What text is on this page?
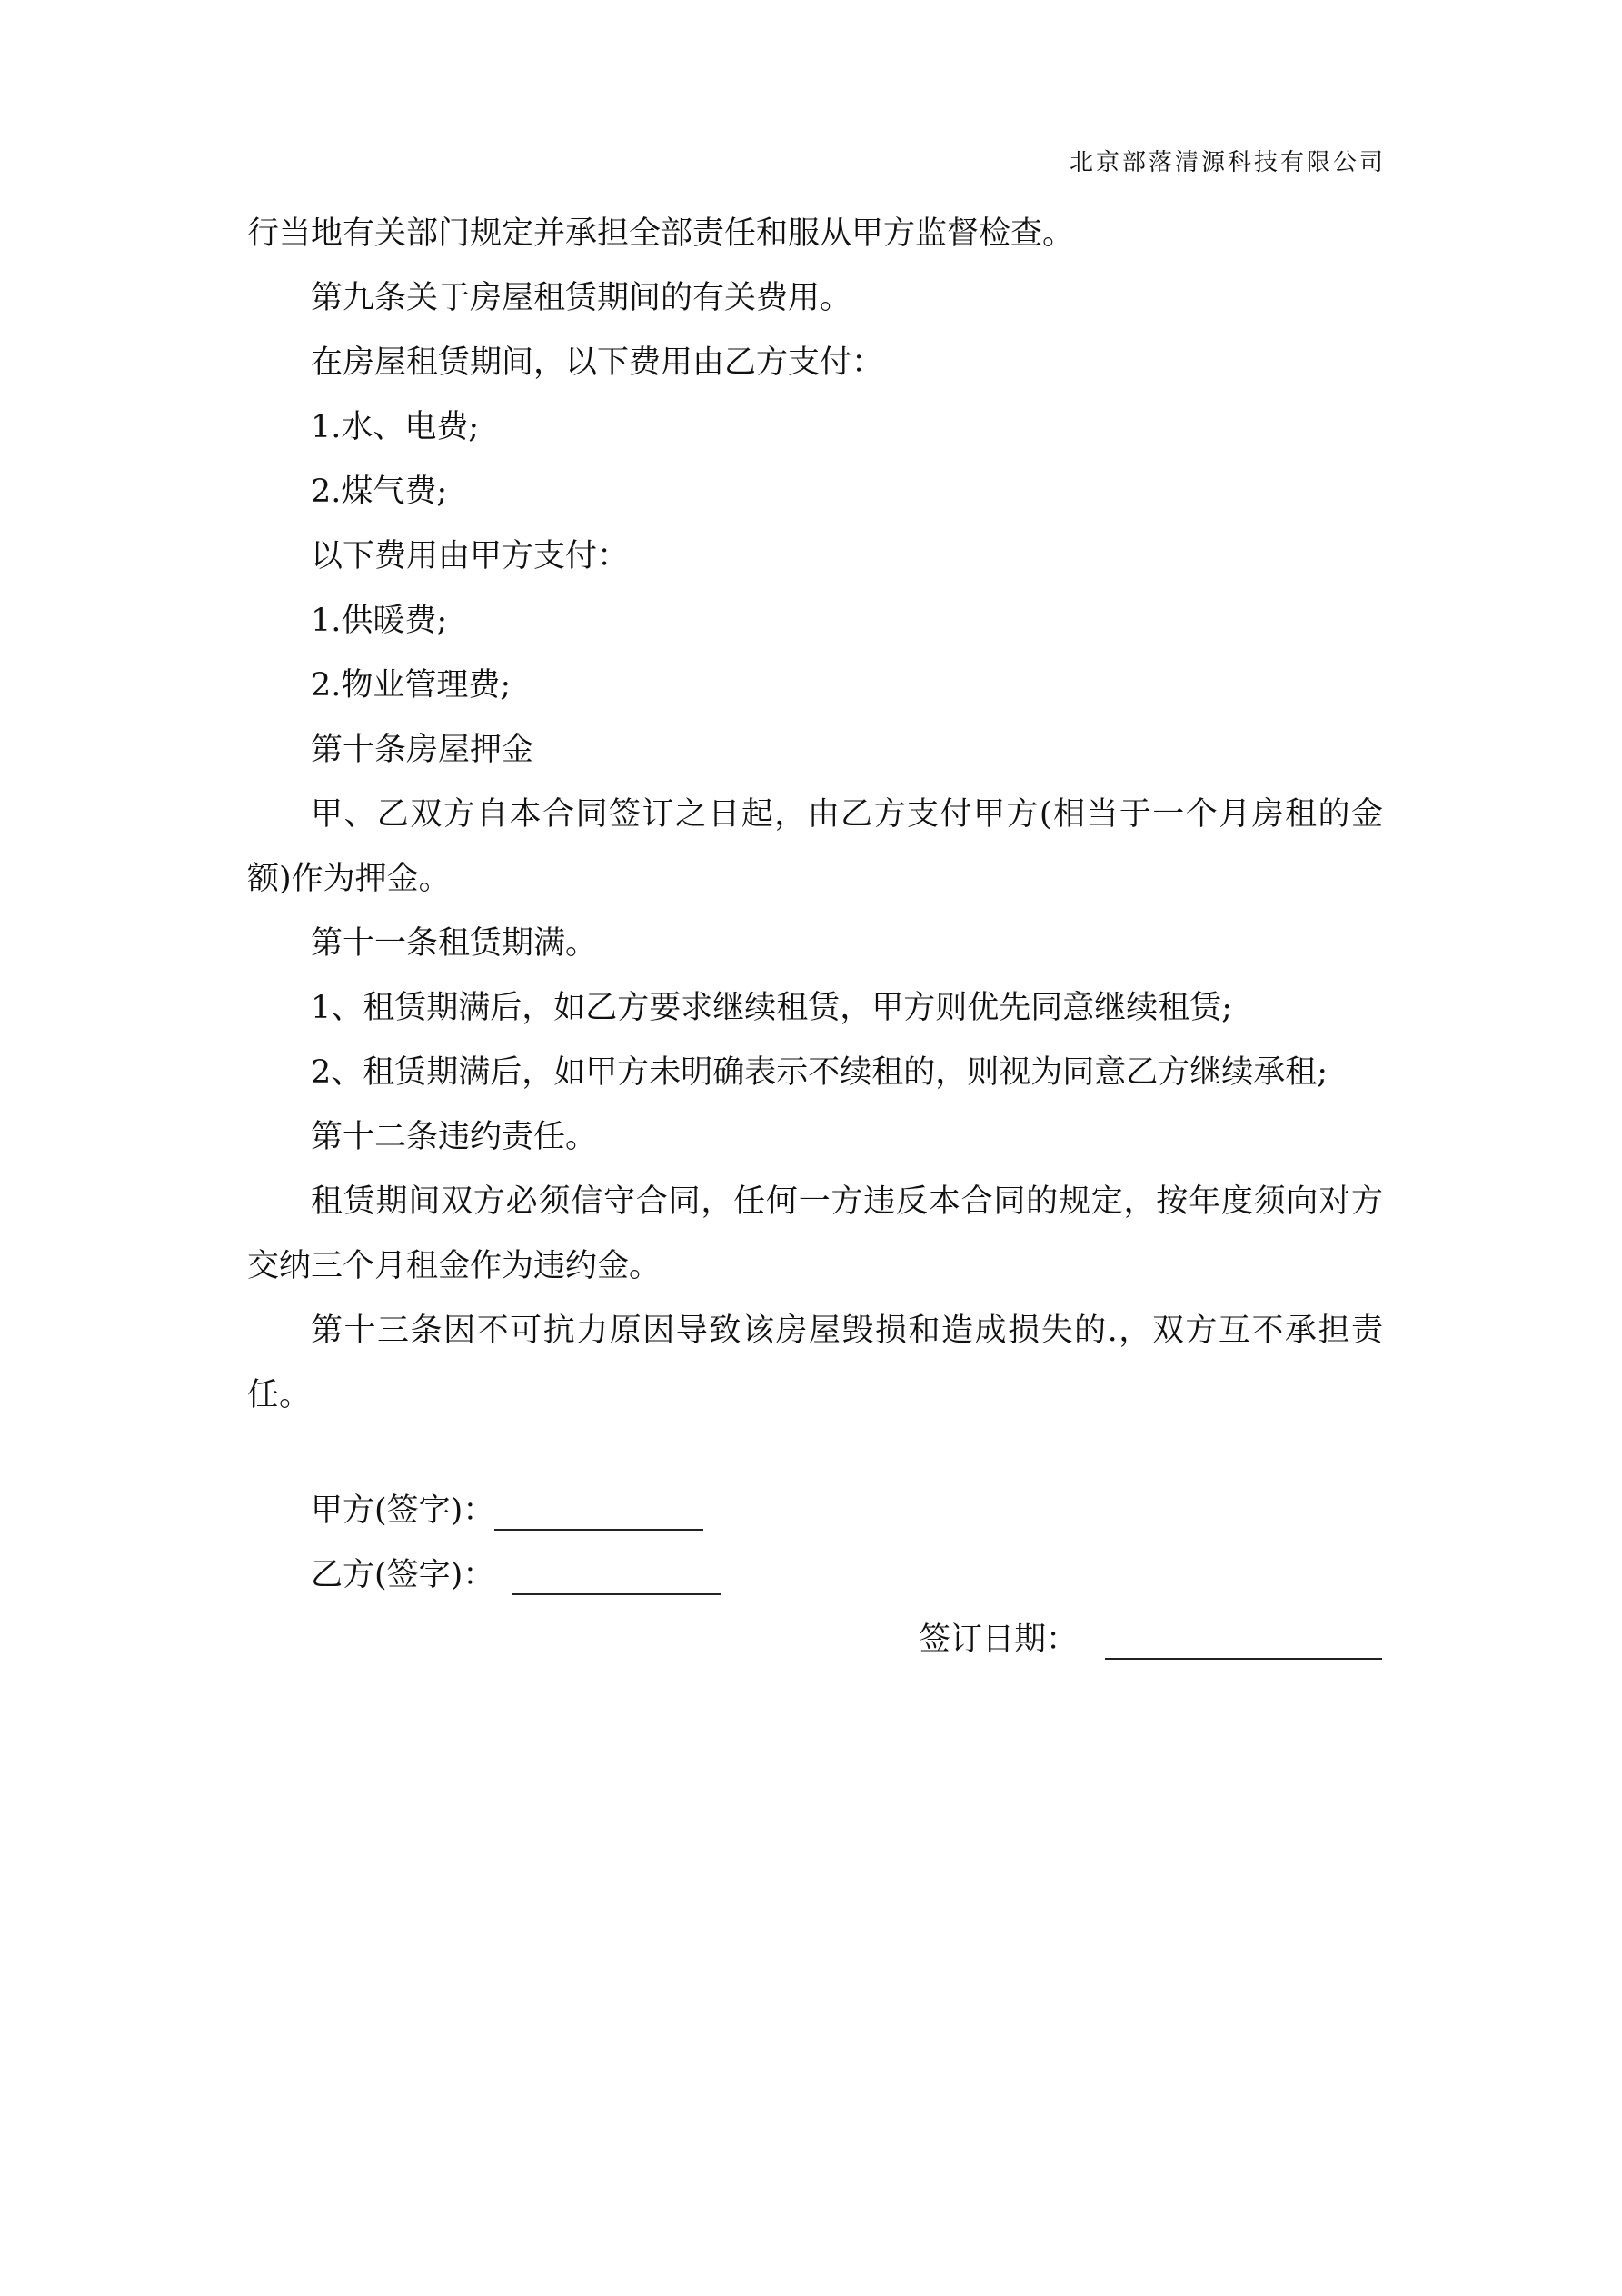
北京部落清源科技有限公司

行当地有关部门规定并承担全部责任和服从甲方监督检查。

第九条关于房屋租赁期间的有关费用。

在房屋租赁期间，以下费用由乙方支付：

1.水、电费;

2.煤气费;

以下费用由甲方支付：

1.供暖费;

2.物业管理费;

第十条房屋押金

甲、乙双方自本合同签订之日起，由乙方支付甲方(相当于一个月房租的金额)作为押金。

第十一条租赁期满。

1、租赁期满后，如乙方要求继续租赁，甲方则优先同意继续租赁;

2、租赁期满后，如甲方未明确表示不续租的，则视为同意乙方继续承租;

第十二条违约责任。

租赁期间双方必须信守合同，任何一方违反本合同的规定，按年度须向对方交纳三个月租金作为违约金。

第十三条因不可抗力原因导致该房屋毁损和造成损失的.，双方互不承担责任。

甲方(签字)：
乙方(签字)：
签订日期：
